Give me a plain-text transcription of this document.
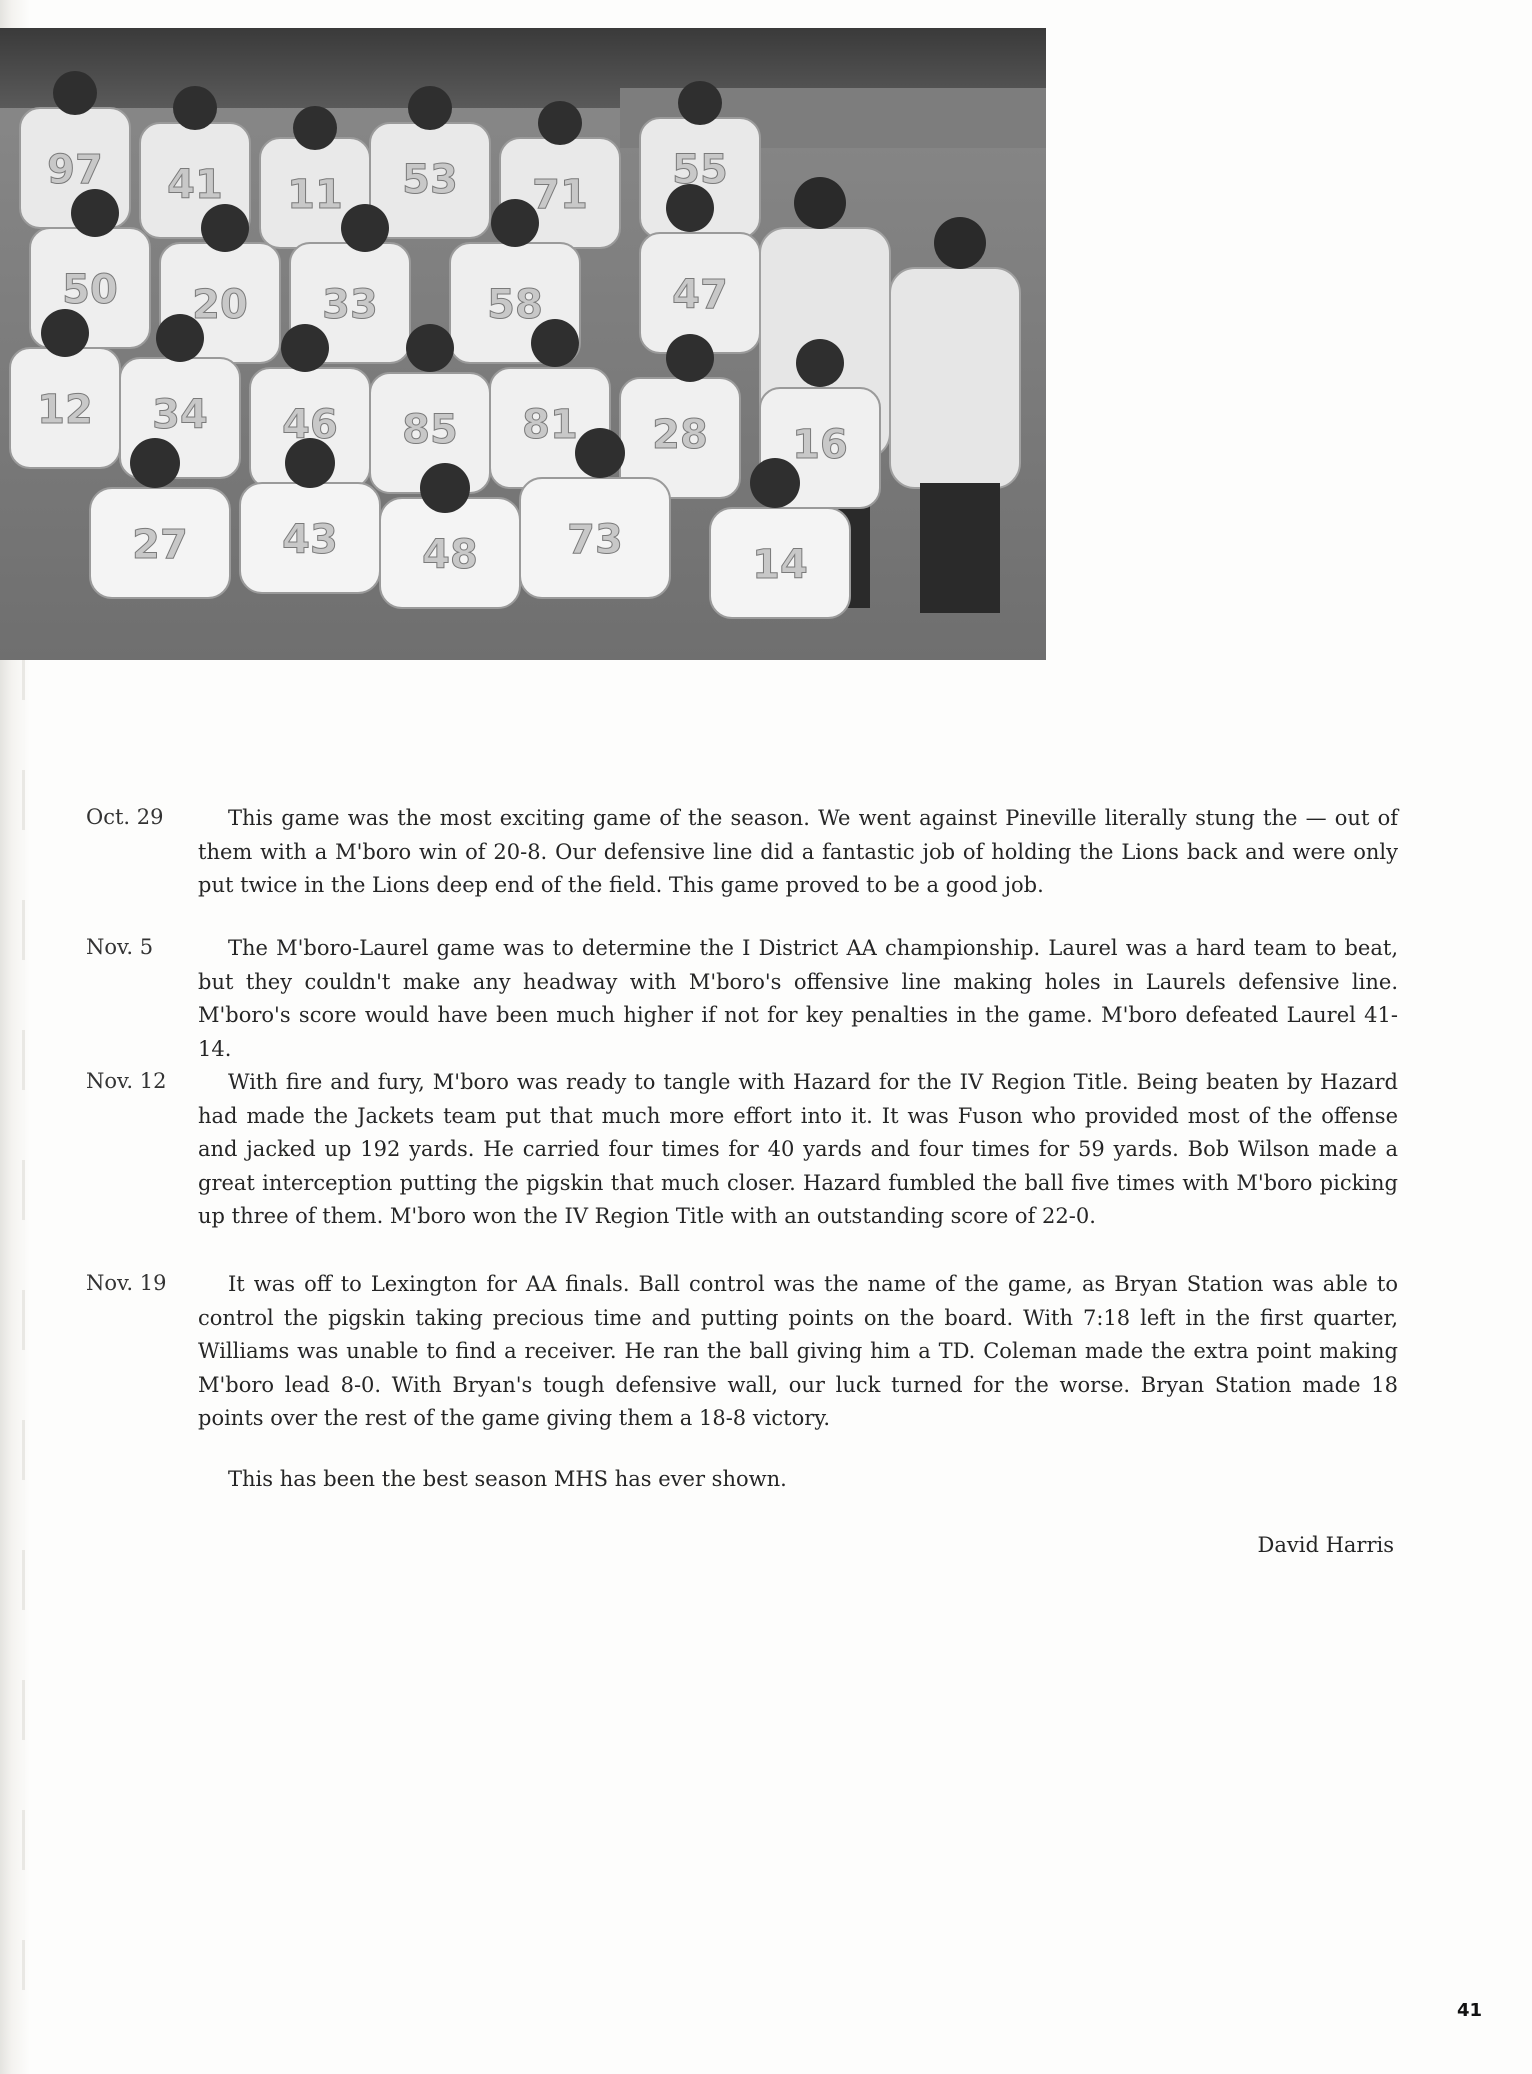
97 41 11 53 71
55
50 20 33	58	47
12 34 46 85 81 28 16
27 43 48 73
14
Oct. 29	This game was the most exciting game of the season. We went against Pineville literally stung the — out of them with a M'boro win of 20-8. Our defensive line did a fantastic job of holding the Lions back and were only put twice in the Lions deep end of the field. This game proved to be a good job.
Nov. 5	The M'boro-Laurel game was to determine the I District AA championship. Laurel was a hard team to beat, but they couldn't make any headway with M'boro's offensive line making holes in Laurels defensive line. M'boro's score would have been much higher if not for key penalties in the game. M'boro defeated Laurel 41-14.
Nov. 12	With fire and fury, M'boro was ready to tangle with Hazard for the IV Region Title. Being beaten by Hazard had made the Jackets team put that much more effort into it. It was Fuson who provided most of the offense and jacked up 192 yards. He carried four times for 40 yards and four times for 59 yards. Bob Wilson made a great interception putting the pigskin that much closer. Hazard fumbled the ball five times with M'boro picking up three of them. M'boro won the IV Region Title with an outstanding score of 22-0.
Nov. 19	It was off to Lexington for AA finals. Ball control was the name of the game, as Bryan Station was able to control the pigskin taking precious time and putting points on the board. With 7:18 left in the first quarter, Williams was unable to find a receiver. He ran the ball giving him a TD. Coleman made the extra point making M'boro lead 8-0. With Bryan's tough defensive wall, our luck turned for the worse. Bryan Station made 18 points over the rest of the game giving them a 18-8 victory.
This has been the best season MHS has ever shown.
David Harris
41
